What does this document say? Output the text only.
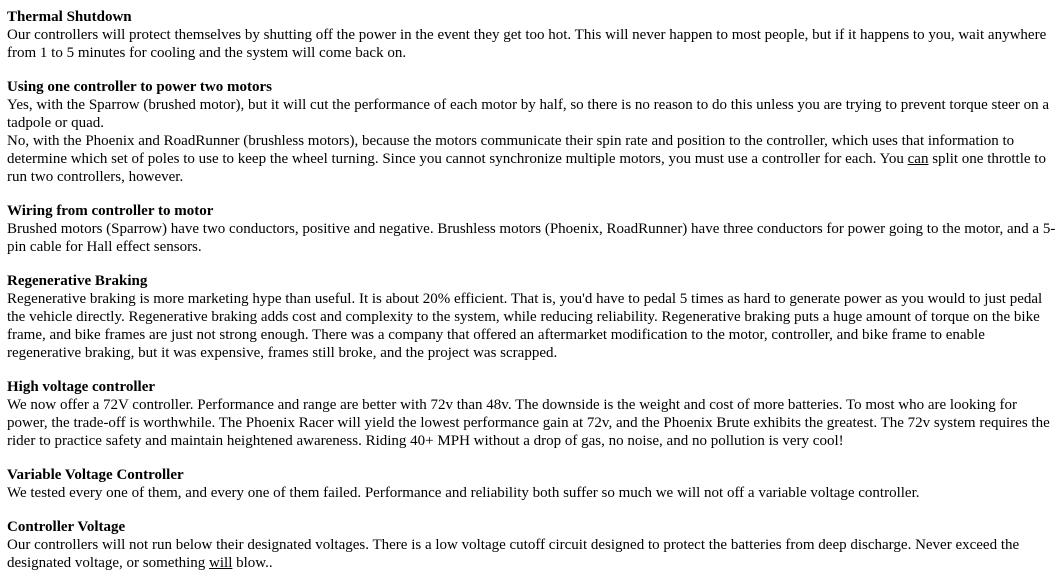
Thermal Shutdown
Our controllers will protect themselves by shutting off the power in the event they get too hot. This will never happen to most people, but if it happens to you, wait anywhere from 1 to 5 minutes for cooling and the system will come back on.
Using one controller to power two motors
Yes, with the Sparrow (brushed motor), but it will cut the performance of each motor by half, so there is no reason to do this unless you are trying to prevent torque steer on a tadpole or quad.
No, with the Phoenix and RoadRunner (brushless motors), because the motors communicate their spin rate and position to the controller, which uses that information to determine which set of poles to use to keep the wheel turning. Since you cannot synchronize multiple motors, you must use a controller for each. You can split one throttle to run two controllers, however.
Wiring from controller to motor
Brushed motors (Sparrow) have two conductors, positive and negative. Brushless motors (Phoenix, RoadRunner) have three conductors for power going to the motor, and a 5-pin cable for Hall effect sensors.
Regenerative Braking
Regenerative braking is more marketing hype than useful. It is about 20% efficient. That is, you'd have to pedal 5 times as hard to generate power as you would to just pedal the vehicle directly. Regenerative braking adds cost and complexity to the system, while reducing reliability. Regenerative braking puts a huge amount of torque on the bike frame, and bike frames are just not strong enough. There was a company that offered an aftermarket modification to the motor, controller, and bike frame to enable regenerative braking, but it was expensive, frames still broke, and the project was scrapped.
High voltage controller
We now offer a 72V controller. Performance and range are better with 72v than 48v. The downside is the weight and cost of more batteries. To most who are looking for power, the trade-off is worthwhile. The Phoenix Racer will yield the lowest performance gain at 72v, and the Phoenix Brute exhibits the greatest. The 72v system requires the rider to practice safety and maintain heightened awareness. Riding 40+ MPH without a drop of gas, no noise, and no pollution is very cool!
Variable Voltage Controller
We tested every one of them, and every one of them failed. Performance and reliability both suffer so much we will not off a variable voltage controller.
Controller Voltage
Our controllers will not run below their designated voltages. There is a low voltage cutoff circuit designed to protect the batteries from deep discharge. Never exceed the designated voltage, or something will blow..
